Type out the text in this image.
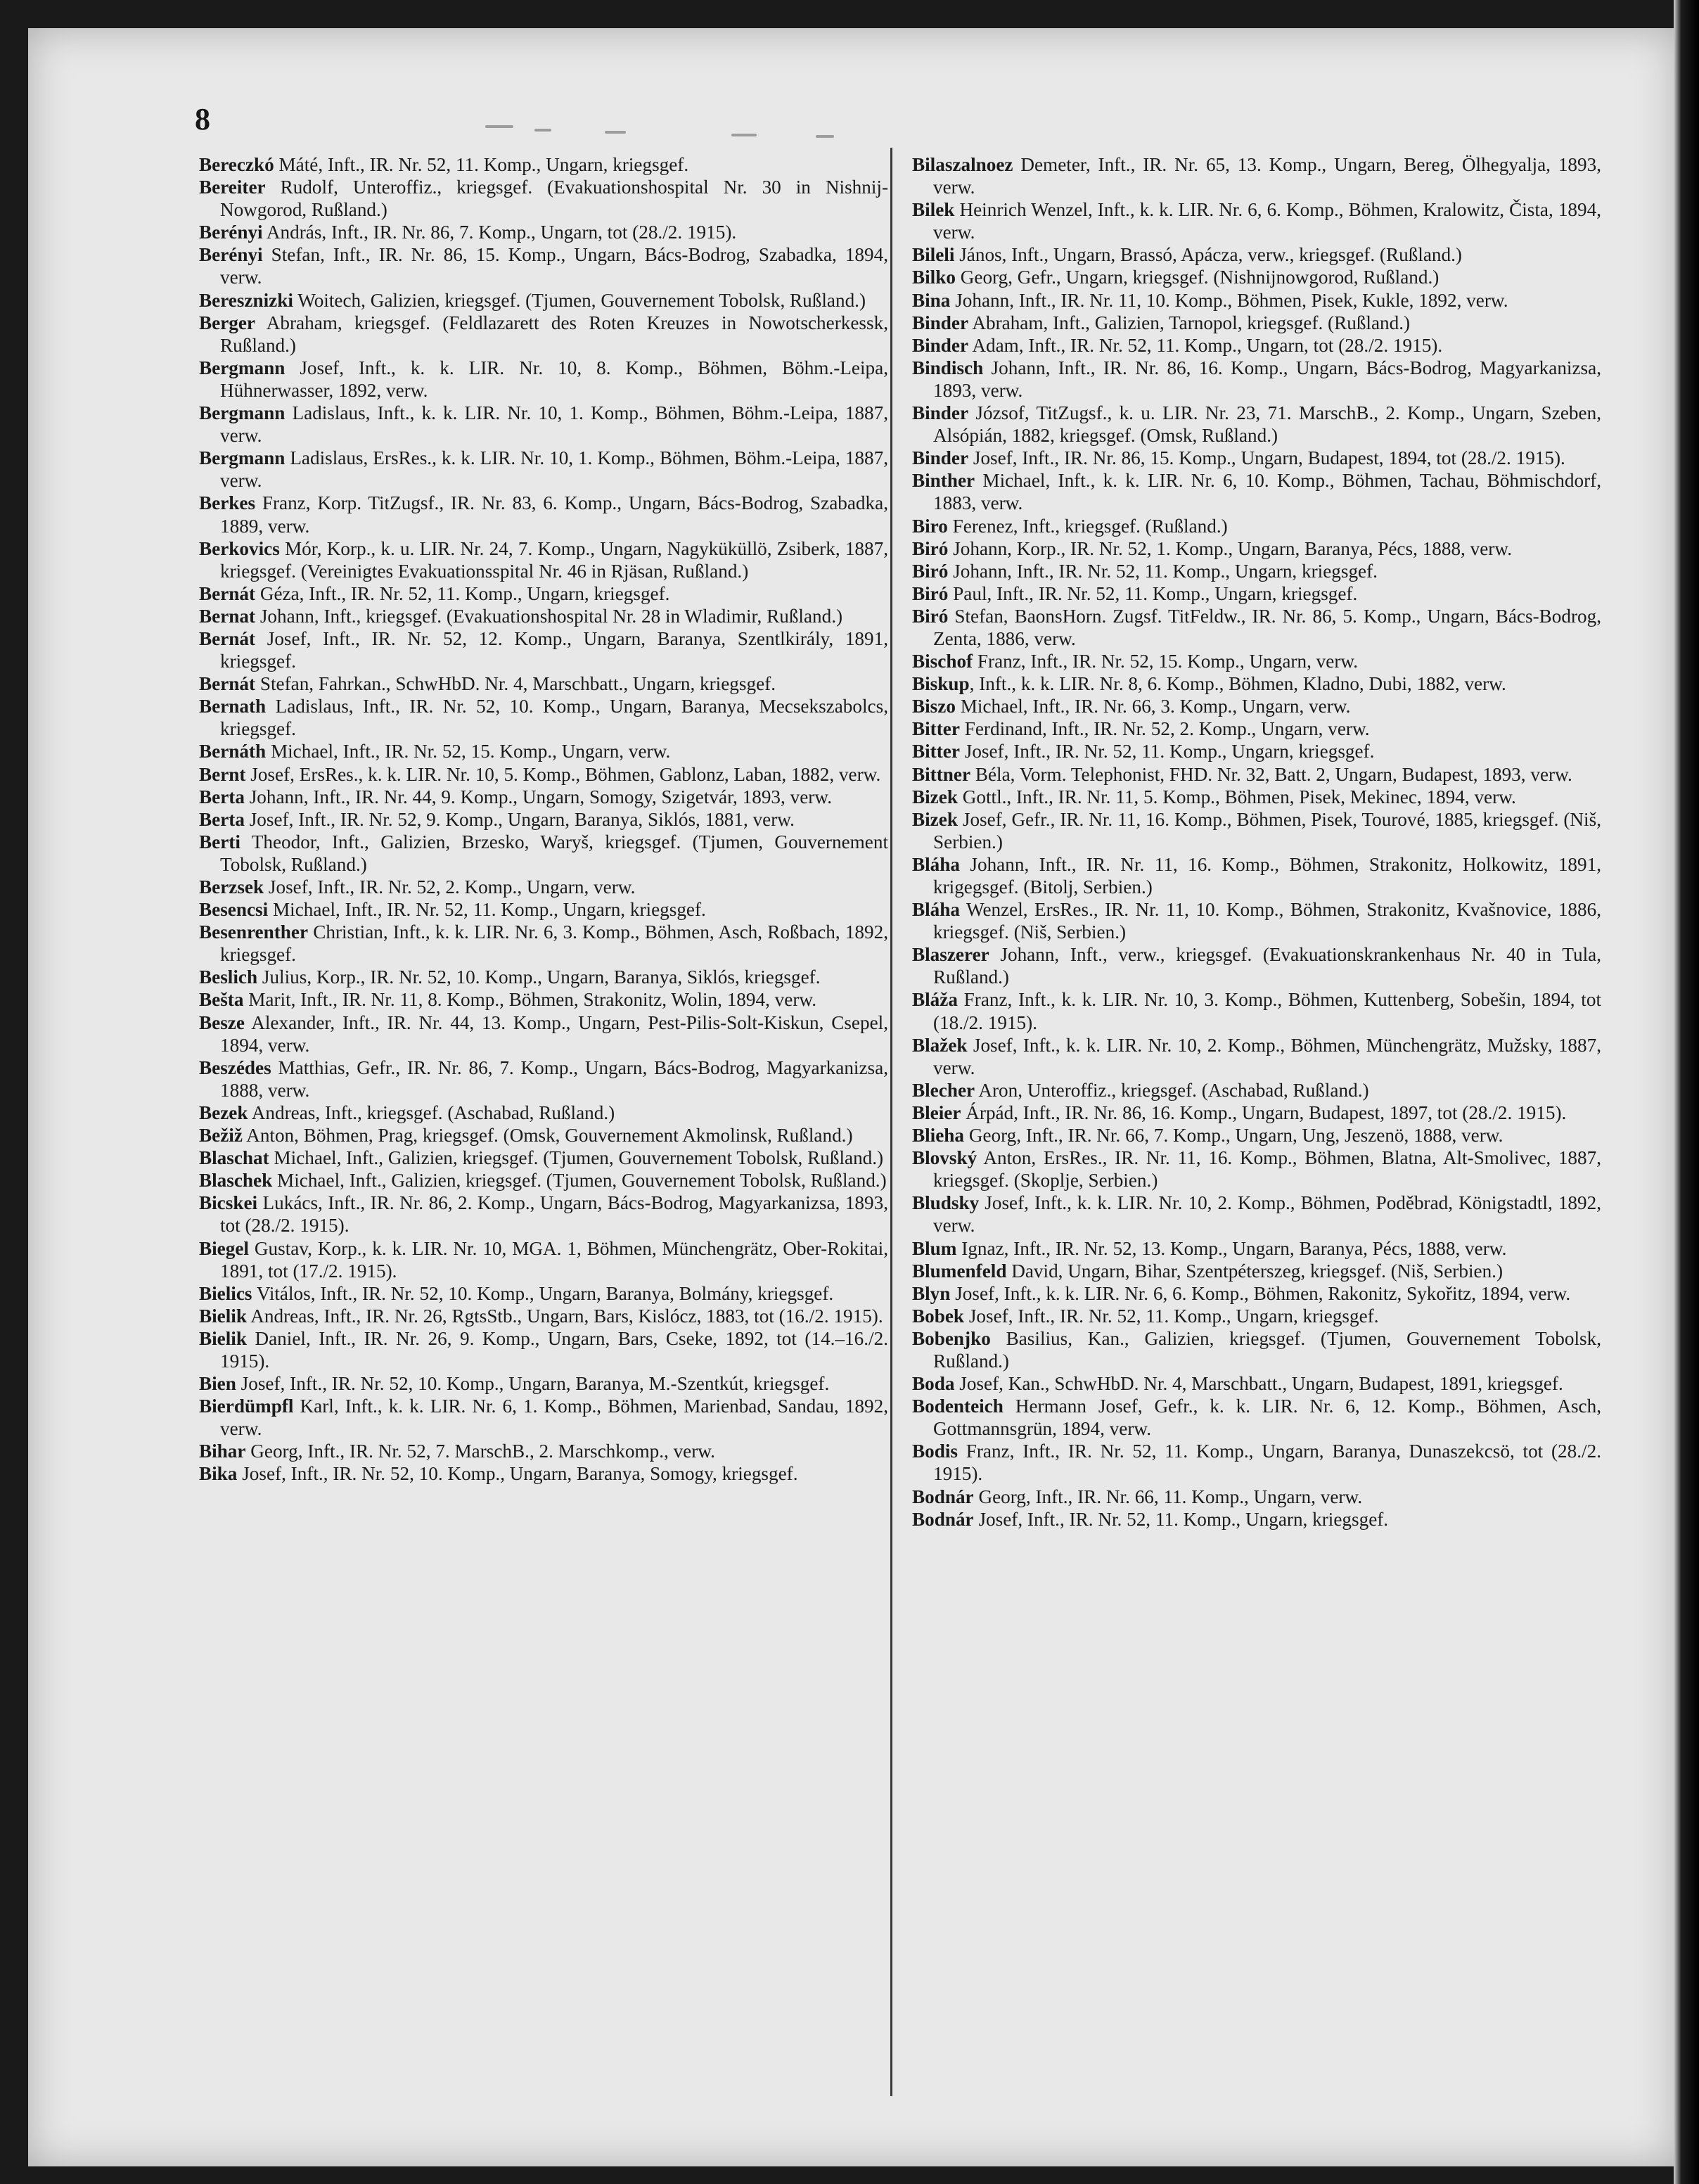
8

Bereczkó Máté, Inft., IR. Nr. 52, 11. Komp., Ungarn, kriegsgef.

Bereiter Rudolf, Unteroffiz., kriegsgef. (Evakuationshospital Nr. 30 in Nishnij-Nowgorod, Rußland.)

Berényi András, Inft., IR. Nr. 86, 7. Komp., Ungarn, tot (28./2. 1915).

Berényi Stefan, Inft., IR. Nr. 86, 15. Komp., Ungarn, Bács-Bodrog, Szabadka, 1894, verw.

Beresznizki Woitech, Galizien, kriegsgef. (Tjumen, Gouvernement Tobolsk, Rußland.)

Berger Abraham, kriegsgef. (Feldlazarett des Roten Kreuzes in Nowotscherkessk, Rußland.)

Bergmann Josef, Inft., k. k. LIR. Nr. 10, 8. Komp., Böhmen, Böhm.-Leipa, Hühnerwasser, 1892, verw.

Bergmann Ladislaus, Inft., k. k. LIR. Nr. 10, 1. Komp., Böhmen, Böhm.-Leipa, 1887, verw.

Bergmann Ladislaus, ErsRes., k. k. LIR. Nr. 10, 1. Komp., Böhmen, Böhm.-Leipa, 1887, verw.

Berkes Franz, Korp. TitZugsf., IR. Nr. 83, 6. Komp., Ungarn, Bács-Bodrog, Szabadka, 1889, verw.

Berkovics Mór, Korp., k. u. LIR. Nr. 24, 7. Komp., Ungarn, Nagyküküllö, Zsiberk, 1887, kriegsgef. (Vereinigtes Evakuationsspital Nr. 46 in Rjäsan, Rußland.)

Bernát Géza, Inft., IR. Nr. 52, 11. Komp., Ungarn, kriegsgef.

Bernat Johann, Inft., kriegsgef. (Evakuationshospital Nr. 28 in Wladimir, Rußland.)

Bernát Josef, Inft., IR. Nr. 52, 12. Komp., Ungarn, Baranya, Szentlkirály, 1891, kriegsgef.

Bernát Stefan, Fahrkan., SchwHbD. Nr. 4, Marschbatt., Ungarn, kriegsgef.

Bernath Ladislaus, Inft., IR. Nr. 52, 10. Komp., Ungarn, Baranya, Mecsekszabolcs, kriegsgef.

Bernáth Michael, Inft., IR. Nr. 52, 15. Komp., Ungarn, verw.

Bernt Josef, ErsRes., k. k. LIR. Nr. 10, 5. Komp., Böhmen, Gablonz, Laban, 1882, verw.

Berta Johann, Inft., IR. Nr. 44, 9. Komp., Ungarn, Somogy, Szigetvár, 1893, verw.

Berta Josef, Inft., IR. Nr. 52, 9. Komp., Ungarn, Baranya, Siklós, 1881, verw.

Berti Theodor, Inft., Galizien, Brzesko, Waryš, kriegsgef. (Tjumen, Gouvernement Tobolsk, Rußland.)

Berzsek Josef, Inft., IR. Nr. 52, 2. Komp., Ungarn, verw.

Besencsi Michael, Inft., IR. Nr. 52, 11. Komp., Ungarn, kriegsgef.

Besenrenther Christian, Inft., k. k. LIR. Nr. 6, 3. Komp., Böhmen, Asch, Roßbach, 1892, kriegsgef.

Beslich Julius, Korp., IR. Nr. 52, 10. Komp., Ungarn, Baranya, Siklós, kriegsgef.

Bešta Marit, Inft., IR. Nr. 11, 8. Komp., Böhmen, Strakonitz, Wolin, 1894, verw.

Besze Alexander, Inft., IR. Nr. 44, 13. Komp., Ungarn, Pest-Pilis-Solt-Kiskun, Csepel, 1894, verw.

Beszédes Matthias, Gefr., IR. Nr. 86, 7. Komp., Ungarn, Bács-Bodrog, Magyarkanizsa, 1888, verw.

Bezek Andreas, Inft., kriegsgef. (Aschabad, Rußland.)

Bežiž Anton, Böhmen, Prag, kriegsgef. (Omsk, Gouvernement Akmolinsk, Rußland.)

Blaschat Michael, Inft., Galizien, kriegsgef. (Tjumen, Gouvernement Tobolsk, Rußland.)

Blaschek Michael, Inft., Galizien, kriegsgef. (Tjumen, Gouvernement Tobolsk, Rußland.)

Bicskei Lukács, Inft., IR. Nr. 86, 2. Komp., Ungarn, Bács-Bodrog, Magyarkanizsa, 1893, tot (28./2. 1915).

Biegel Gustav, Korp., k. k. LIR. Nr. 10, MGA. 1, Böhmen, Münchengrätz, Ober-Rokitai, 1891, tot (17./2. 1915).

Bielics Vitálos, Inft., IR. Nr. 52, 10. Komp., Ungarn, Baranya, Bolmány, kriegsgef.

Bielik Andreas, Inft., IR. Nr. 26, RgtsStb., Ungarn, Bars, Kislócz, 1883, tot (16./2. 1915).

Bielik Daniel, Inft., IR. Nr. 26, 9. Komp., Ungarn, Bars, Cseke, 1892, tot (14.–16./2. 1915).

Bien Josef, Inft., IR. Nr. 52, 10. Komp., Ungarn, Baranya, M.-Szentkút, kriegsgef.

Bierdümpfl Karl, Inft., k. k. LIR. Nr. 6, 1. Komp., Böhmen, Marienbad, Sandau, 1892, verw.

Bihar Georg, Inft., IR. Nr. 52, 7. MarschB., 2. Marschkomp., verw.

Bika Josef, Inft., IR. Nr. 52, 10. Komp., Ungarn, Baranya, Somogy, kriegsgef.

Bilaszalnoez Demeter, Inft., IR. Nr. 65, 13. Komp., Ungarn, Bereg, Ölhegyalja, 1893, verw.

Bilek Heinrich Wenzel, Inft., k. k. LIR. Nr. 6, 6. Komp., Böhmen, Kralowitz, Čista, 1894, verw.

Bileli János, Inft., Ungarn, Brassó, Apácza, verw., kriegsgef. (Rußland.)

Bilko Georg, Gefr., Ungarn, kriegsgef. (Nishnijnowgorod, Rußland.)

Bina Johann, Inft., IR. Nr. 11, 10. Komp., Böhmen, Pisek, Kukle, 1892, verw.

Binder Abraham, Inft., Galizien, Tarnopol, kriegsgef. (Rußland.)

Binder Adam, Inft., IR. Nr. 52, 11. Komp., Ungarn, tot (28./2. 1915).

Bindisch Johann, Inft., IR. Nr. 86, 16. Komp., Ungarn, Bács-Bodrog, Magyarkanizsa, 1893, verw.

Binder Józsof, TitZugsf., k. u. LIR. Nr. 23, 71. MarschB., 2. Komp., Ungarn, Szeben, Alsópián, 1882, kriegsgef. (Omsk, Rußland.)

Binder Josef, Inft., IR. Nr. 86, 15. Komp., Ungarn, Budapest, 1894, tot (28./2. 1915).

Binther Michael, Inft., k. k. LIR. Nr. 6, 10. Komp., Böhmen, Tachau, Böhmischdorf, 1883, verw.

Biro Ferenez, Inft., kriegsgef. (Rußland.)

Biró Johann, Korp., IR. Nr. 52, 1. Komp., Ungarn, Baranya, Pécs, 1888, verw.

Biró Johann, Inft., IR. Nr. 52, 11. Komp., Ungarn, kriegsgef.

Biró Paul, Inft., IR. Nr. 52, 11. Komp., Ungarn, kriegsgef.

Biró Stefan, BaonsHorn. Zugsf. TitFeldw., IR. Nr. 86, 5. Komp., Ungarn, Bács-Bodrog, Zenta, 1886, verw.

Bischof Franz, Inft., IR. Nr. 52, 15. Komp., Ungarn, verw.

Biskup, Inft., k. k. LIR. Nr. 8, 6. Komp., Böhmen, Kladno, Dubi, 1882, verw.

Biszo Michael, Inft., IR. Nr. 66, 3. Komp., Ungarn, verw.

Bitter Ferdinand, Inft., IR. Nr. 52, 2. Komp., Ungarn, verw.

Bitter Josef, Inft., IR. Nr. 52, 11. Komp., Ungarn, kriegsgef.

Bittner Béla, Vorm. Telephonist, FHD. Nr. 32, Batt. 2, Ungarn, Budapest, 1893, verw.

Bizek Gottl., Inft., IR. Nr. 11, 5. Komp., Böhmen, Pisek, Mekinec, 1894, verw.

Bizek Josef, Gefr., IR. Nr. 11, 16. Komp., Böhmen, Pisek, Tourové, 1885, kriegsgef. (Niš, Serbien.)

Bláha Johann, Inft., IR. Nr. 11, 16. Komp., Böhmen, Strakonitz, Holkowitz, 1891, krigegsgef. (Bitolj, Serbien.)

Bláha Wenzel, ErsRes., IR. Nr. 11, 10. Komp., Böhmen, Strakonitz, Kvašnovice, 1886, kriegsgef. (Niš, Serbien.)

Blaszerer Johann, Inft., verw., kriegsgef. (Evakuationskrankenhaus Nr. 40 in Tula, Rußland.)

Bláža Franz, Inft., k. k. LIR. Nr. 10, 3. Komp., Böhmen, Kuttenberg, Sobešin, 1894, tot (18./2. 1915).

Blažek Josef, Inft., k. k. LIR. Nr. 10, 2. Komp., Böhmen, Münchengrätz, Mužsky, 1887, verw.

Blecher Aron, Unteroffiz., kriegsgef. (Aschabad, Rußland.)

Bleier Árpád, Inft., IR. Nr. 86, 16. Komp., Ungarn, Budapest, 1897, tot (28./2. 1915).

Blieha Georg, Inft., IR. Nr. 66, 7. Komp., Ungarn, Ung, Jeszenö, 1888, verw.

Blovský Anton, ErsRes., IR. Nr. 11, 16. Komp., Böhmen, Blatna, Alt-Smolivec, 1887, kriegsgef. (Skoplje, Serbien.)

Bludsky Josef, Inft., k. k. LIR. Nr. 10, 2. Komp., Böhmen, Poděbrad, Königstadtl, 1892, verw.

Blum Ignaz, Inft., IR. Nr. 52, 13. Komp., Ungarn, Baranya, Pécs, 1888, verw.

Blumenfeld David, Ungarn, Bihar, Szentpéterszeg, kriegsgef. (Niš, Serbien.)

Blyn Josef, Inft., k. k. LIR. Nr. 6, 6. Komp., Böhmen, Rakonitz, Sykořitz, 1894, verw.

Bobek Josef, Inft., IR. Nr. 52, 11. Komp., Ungarn, kriegsgef.

Bobenjko Basilius, Kan., Galizien, kriegsgef. (Tjumen, Gouvernement Tobolsk, Rußland.)

Boda Josef, Kan., SchwHbD. Nr. 4, Marschbatt., Ungarn, Budapest, 1891, kriegsgef.

Bodenteich Hermann Josef, Gefr., k. k. LIR. Nr. 6, 12. Komp., Böhmen, Asch, Gottmannsgrün, 1894, verw.

Bodis Franz, Inft., IR. Nr. 52, 11. Komp., Ungarn, Baranya, Dunaszekcsö, tot (28./2. 1915).

Bodnár Georg, Inft., IR. Nr. 66, 11. Komp., Ungarn, verw.

Bodnár Josef, Inft., IR. Nr. 52, 11. Komp., Ungarn, kriegsgef.
